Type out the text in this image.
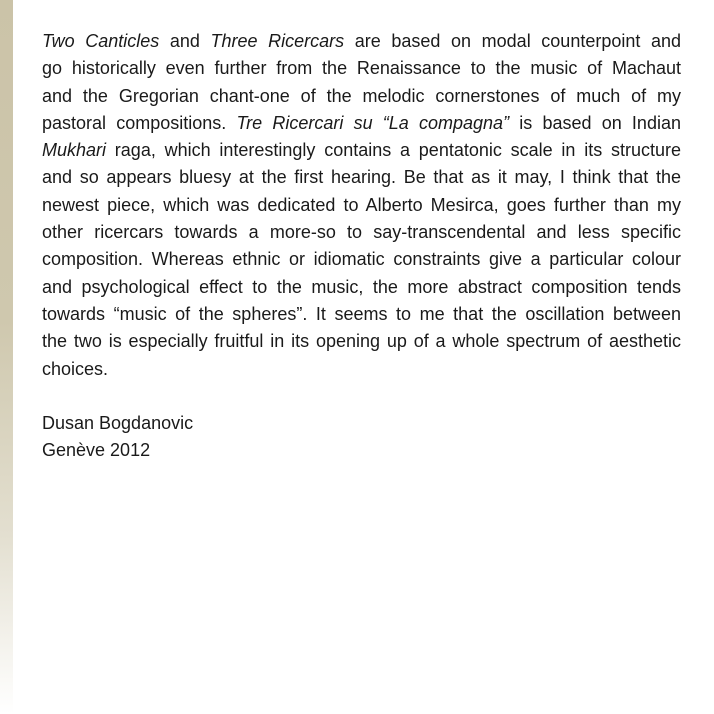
Two Canticles and Three Ricercars are based on modal counterpoint and
go historically even further from the Renaissance to the music of Machaut
and the Gregorian chant-one of the melodic cornerstones of much of my
pastoral compositions. Tre Ricercari su “La compagna” is based on Indian
Mukhari raga, which interestingly contains a pentatonic scale in its structure
and so appears bluesy at the first hearing. Be that as it may, I think that the
newest piece, which was dedicated to Alberto Mesirca, goes further than my
other ricercars towards a more-so to say-transcendental and less specific
composition. Whereas ethnic or idiomatic constraints give a particular colour
and psychological effect to the music, the more abstract composition tends
towards “music of the spheres”. It seems to me that the oscillation between
the two is especially fruitful in its opening up of a whole spectrum of aesthetic
choices.
Dusan Bogdanovic
Genève 2012
